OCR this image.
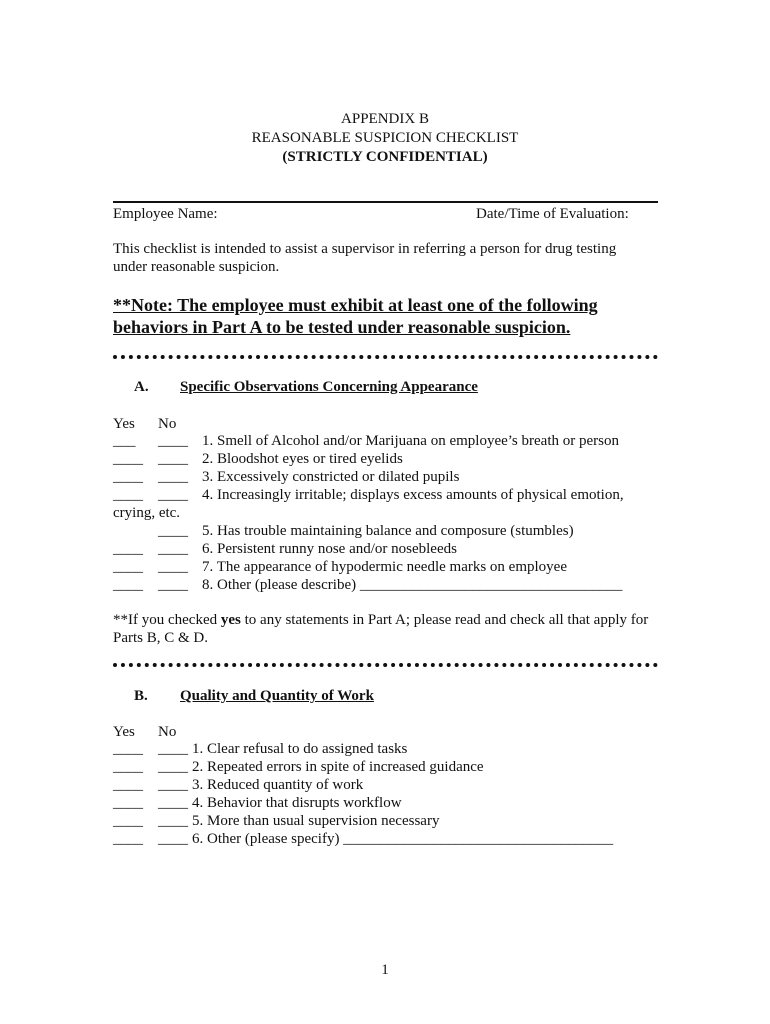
APPENDIX B
REASONABLE SUSPICION CHECKLIST
(STRICTLY CONFIDENTIAL)
Employee Name:	Date/Time of Evaluation:
This checklist is intended to assist a supervisor in referring a person for drug testing
under reasonable suspicion.
**Note: The employee must exhibit at least one of the following
behaviors in Part A to be tested under reasonable suspicion.
A. Specific Observations Concerning Appearance
Yes No
___ ____ 1. Smell of Alcohol and/or Marijuana on employee’s breath or person
____ ____ 2. Bloodshot eyes or tired eyelids
____ ____ 3. Excessively constricted or dilated pupils
____ ____ 4. Increasingly irritable; displays excess amounts of physical emotion,
crying, etc.
____ 5. Has trouble maintaining balance and composure (stumbles)
____ ____ 6. Persistent runny nose and/or nosebleeds
____ ____ 7. The appearance of hypodermic needle marks on employee
____ ____ 8. Other (please describe) ___________________________________
**If you checked yes to any statements in Part A; please read and check all that apply for
Parts B, C & D.
B. Quality and Quantity of Work
Yes No
____ ____ 1. Clear refusal to do assigned tasks
____ ____ 2. Repeated errors in spite of increased guidance
____ ____ 3. Reduced quantity of work
____ ____ 4. Behavior that disrupts workflow
____ ____ 5. More than usual supervision necessary
____ ____ 6. Other (please specify) ____________________________________
1
